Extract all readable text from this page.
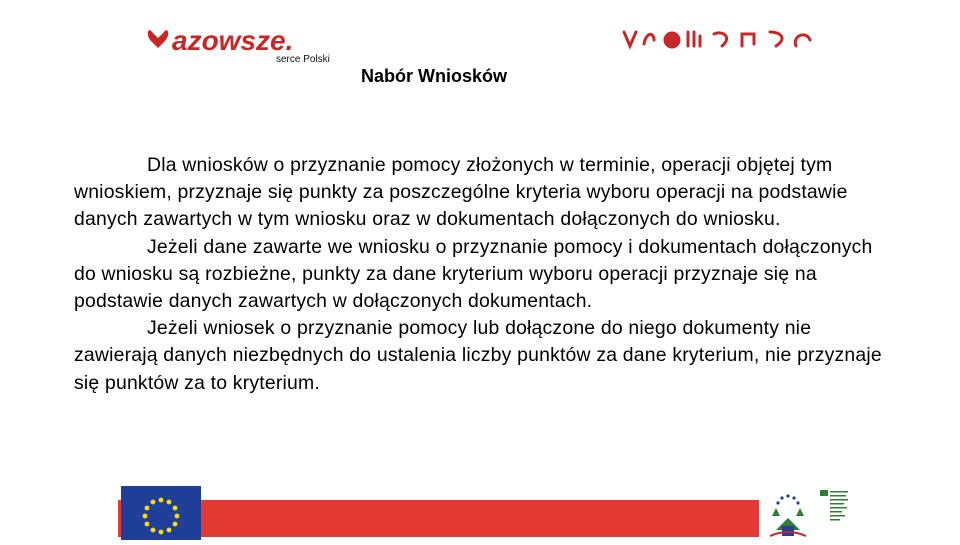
azowsze.
serce Polski
Nabór Wniosków

Dla wniosków o przyznanie pomocy złożonych w terminie, operacji objętej tym wnioskiem, przyznaje się punkty za poszczególne kryteria wyboru operacji na podstawie danych zawartych w tym wniosku oraz w dokumentach dołączonych do wniosku.

Jeżeli dane zawarte we wniosku o przyznanie pomocy i dokumentach dołączonych do wniosku są rozbieżne, punkty za dane kryterium wyboru operacji przyznaje się na podstawie danych zawartych w dołączonych dokumentach.

Jeżeli wniosek o przyznanie pomocy lub dołączone do niego dokumenty nie zawierają danych niezbędnych do ustalenia liczby punktów za dane kryterium, nie przyznaje się punktów za to kryterium.
